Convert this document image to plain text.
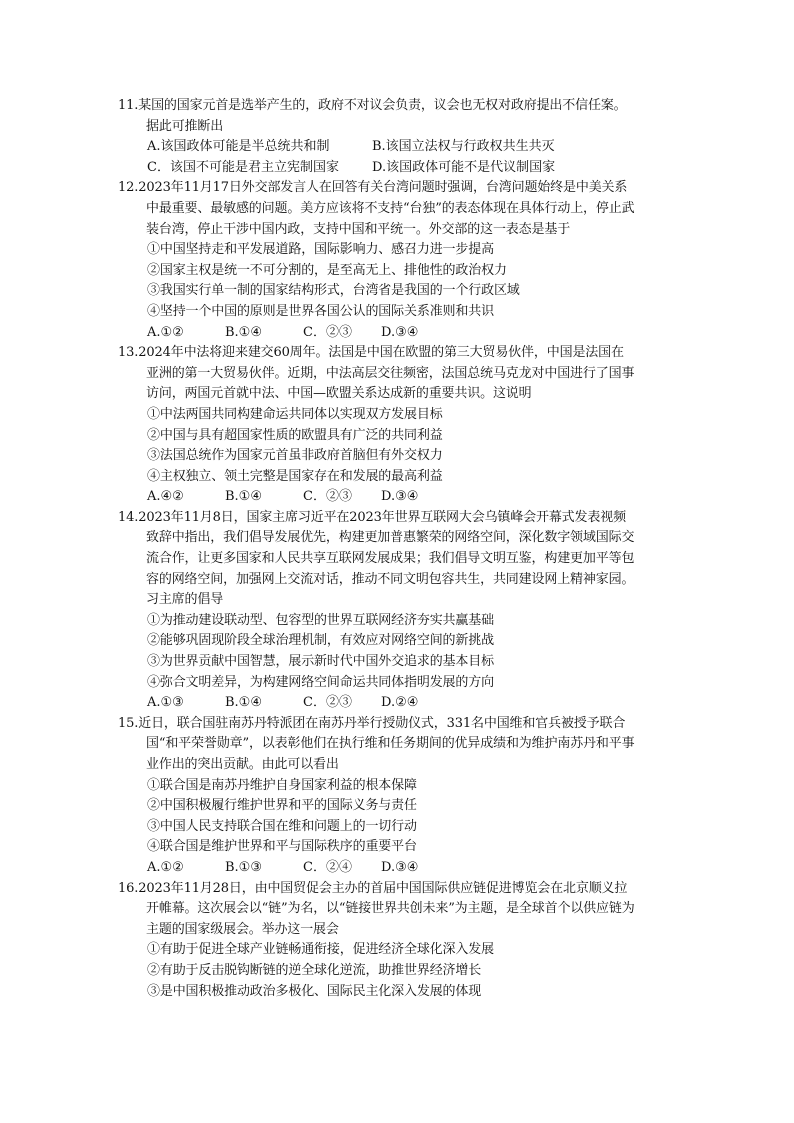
11.某国的国家元首是选举产生的，政府不对议会负责，议会也无权对政府提出不信任案。
据此可推断出
A.该国政体可能是半总统共和制	B.该国立法权与行政权共生共灭
C．该国不可能是君主立宪制国家	D.该国政体可能不是代议制国家
12.2023年11月17日外交部发言人在回答有关台湾问题时强调，台湾问题始终是中美关系
中最重要、最敏感的问题。美方应该将不支持“台独”的表态体现在具体行动上，停止武
装台湾，停止干涉中国内政，支持中国和平统一。外交部的这一表态是基于
①中国坚持走和平发展道路，国际影响力、感召力进一步提高
②国家主权是统一不可分割的，是至高无上、排他性的政治权力
③我国实行单一制的国家结构形式，台湾省是我国的一个行政区域
④坚持一个中国的原则是世界各国公认的国际关系准则和共识
A.①②	B.①④	C．②③	D.③④
13.2024年中法将迎来建交60周年。法国是中国在欧盟的第三大贸易伙伴，中国是法国在
亚洲的第一大贸易伙伴。近期，中法高层交往频密，法国总统马克龙对中国进行了国事
访问，两国元首就中法、中国—欧盟关系达成新的重要共识。这说明
①中法两国共同构建命运共同体以实现双方发展目标
②中国与具有超国家性质的欧盟具有广泛的共同利益
③法国总统作为国家元首虽非政府首脑但有外交权力
④主权独立、领土完整是国家存在和发展的最高利益
A.④②	B.①④	C．②③	D.③④
14.2023年11月8日，国家主席习近平在2023年世界互联网大会乌镇峰会开幕式发表视频
致辞中指出，我们倡导发展优先，构建更加普惠繁荣的网络空间，深化数字领域国际交
流合作，让更多国家和人民共享互联网发展成果；我们倡导文明互鉴，构建更加平等包
容的网络空间，加强网上交流对话，推动不同文明包容共生，共同建设网上精神家园。
习主席的倡导
①为推动建设联动型、包容型的世界互联网经济夯实共赢基础
②能够巩固现阶段全球治理机制，有效应对网络空间的新挑战
③为世界贡献中国智慧，展示新时代中国外交追求的基本目标
④弥合文明差异，为构建网络空间命运共同体指明发展的方向
A.①③	B.①④	C．②③	D.②④
15.近日，联合国驻南苏丹特派团在南苏丹举行授勋仪式，331名中国维和官兵被授予联合
国“和平荣誉勋章”，以表彰他们在执行维和任务期间的优异成绩和为维护南苏丹和平事
业作出的突出贡献。由此可以看出
①联合国是南苏丹维护自身国家利益的根本保障
②中国积极履行维护世界和平的国际义务与责任
③中国人民支持联合国在维和问题上的一切行动
④联合国是维护世界和平与国际秩序的重要平台
A.①②	B.①③	C．②④	D.③④
16.2023年11月28日，由中国贸促会主办的首届中国国际供应链促进博览会在北京顺义拉
开帷幕。这次展会以“链”为名，以“链接世界共创未来”为主题，是全球首个以供应链为
主题的国家级展会。举办这一展会
①有助于促进全球产业链畅通衔接，促进经济全球化深入发展
②有助于反击脱钩断链的逆全球化逆流，助推世界经济增长
③是中国积极推动政治多极化、国际民主化深入发展的体现
